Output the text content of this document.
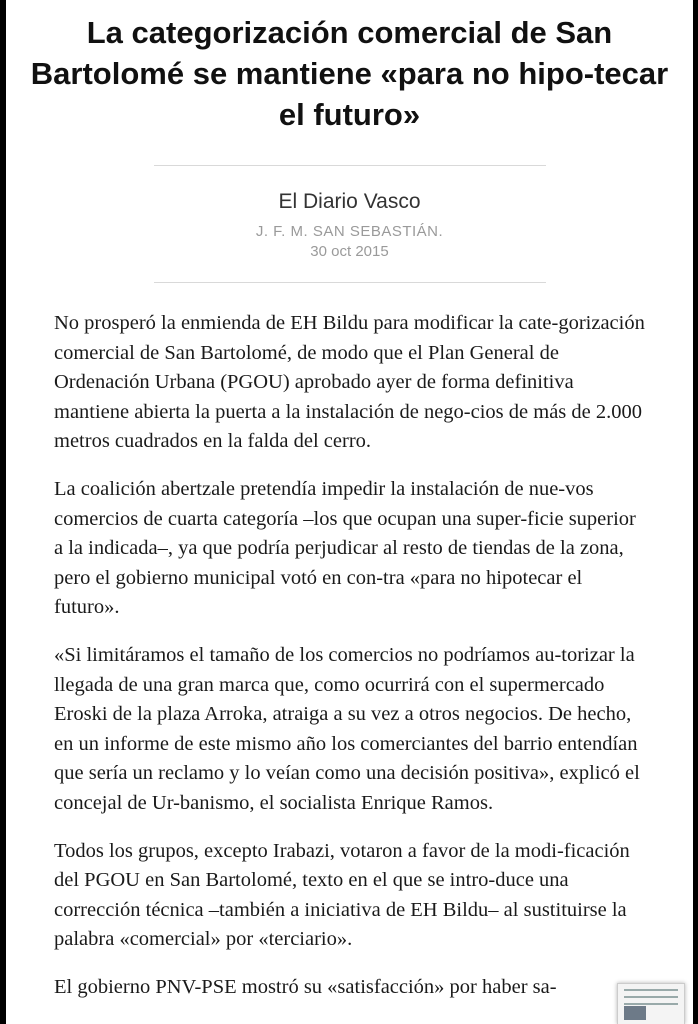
La categorización comercial de San Bartolomé se mantiene «para no hipo-tecar el futuro»
El Diario Vasco
J. F. M. SAN SEBASTIÁN.
30 oct 2015

No prosperó la enmienda de EH Bildu para modificar la cate-gorización comercial de San Bartolomé, de modo que el Plan General de Ordenación Urbana (PGOU) aprobado ayer de forma definitiva mantiene abierta la puerta a la instalación de nego-cios de más de 2.000 metros cuadrados en la falda del cerro.

La coalición abertzale pretendía impedir la instalación de nue-vos comercios de cuarta categoría –los que ocupan una super-ficie superior a la indicada–, ya que podría perjudicar al resto de tiendas de la zona, pero el gobierno municipal votó en con-tra «para no hipotecar el futuro».

«Si limitáramos el tamaño de los comercios no podríamos au-torizar la llegada de una gran marca que, como ocurrirá con el supermercado Eroski de la plaza Arroka, atraiga a su vez a otros negocios. De hecho, en un informe de este mismo año los comerciantes del barrio entendían que sería un reclamo y lo veían como una decisión positiva», explicó el concejal de Ur-banismo, el socialista Enrique Ramos.

Todos los grupos, excepto Irabazi, votaron a favor de la modi-ficación del PGOU en San Bartolomé, texto en el que se intro-duce una corrección técnica –también a iniciativa de EH Bildu– al sustituirse la palabra «comercial» por «terciario».

El gobierno PNV-PSE mostró su «satisfacción» por haber sa-
